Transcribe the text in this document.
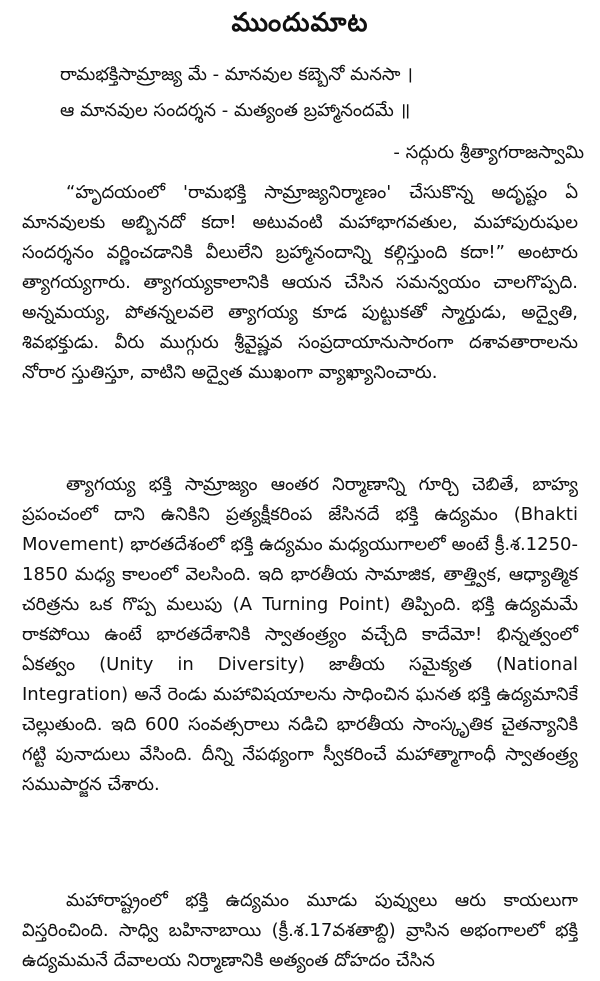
ముందుమాట
రామభక్తిసామ్రాజ్య మే - మానవుల కబ్బెనో మనసా ।
ఆ మానవుల సందర్శన - మత్యంత బ్రహ్మానందమే ॥
- సద్గురు శ్రీత్యాగరాజస్వామి

“హృదయంలో 'రామభక్తి సామ్రాజ్యనిర్మాణం' చేసుకొన్న అదృష్టం ఏ మానవులకు అబ్బినదో కదా! అటువంటి మహాభాగవతుల, మహాపురుషుల సందర్శనం వర్ణించడానికి వీలులేని బ్రహ్మానందాన్ని కల్గిస్తుంది కదా!” అంటారు త్యాగయ్యగారు. త్యాగయ్యకాలానికి ఆయన చేసిన సమన్వయం చాలగొప్పది. అన్నమయ్య, పోతన్నలవలె త్యాగయ్య కూడ పుట్టుకతో స్మార్తుడు, అద్వైతి, శివభక్తుడు. వీరు ముగ్గురు శ్రీవైష్ణవ సంప్రదాయానుసారంగా దశావతారాలను నోరార స్తుతిస్తూ, వాటిని అద్వైత ముఖంగా వ్యాఖ్యానించారు.

త్యాగయ్య భక్తి సామ్రాజ్యం ఆంతర నిర్మాణాన్ని గూర్చి చెబితే, బాహ్య ప్రపంచంలో దాని ఉనికిని ప్రత్యక్షీకరింప జేసినదే భక్తి ఉద్యమం (Bhakti Movement) భారతదేశంలో భక్తి ఉద్యమం మధ్యయుగాలలో అంటే క్రీ.శ.1250-1850 మధ్య కాలంలో వెలసింది. ఇది భారతీయ సామాజిక, తాత్త్విక, ఆధ్యాత్మిక చరిత్రను ఒక గొప్ప మలుపు (A Turning Point) తిప్పింది. భక్తి ఉద్యమమే రాకపోయి ఉంటే భారతదేశానికి స్వాతంత్ర్యం వచ్చేది కాదేమో! భిన్నత్వంలో ఏకత్వం (Unity in Diversity) జాతీయ సమైక్యత (National Integration) అనే రెండు మహావిషయాలను సాధించిన ఘనత భక్తి ఉద్యమానికే చెల్లుతుంది. ఇది 600 సంవత్సరాలు నడిచి భారతీయ సాంస్కృతిక చైతన్యానికి గట్టి పునాదులు వేసింది. దీన్ని నేపథ్యంగా స్వీకరించే మహాత్మాగాంధీ స్వాతంత్ర్య సముపార్జన చేశారు.

మహారాష్ట్రంలో భక్తి ఉద్యమం మూడు పువ్వులు ఆరు కాయలుగా విస్తరించింది. సాధ్వి బహినాబాయి (క్రీ.శ.17వశతాబ్ది) వ్రాసిన అభంగాలలో భక్తి ఉద్యమమనే దేవాలయ నిర్మాణానికి అత్యంత దోహదం చేసిన
